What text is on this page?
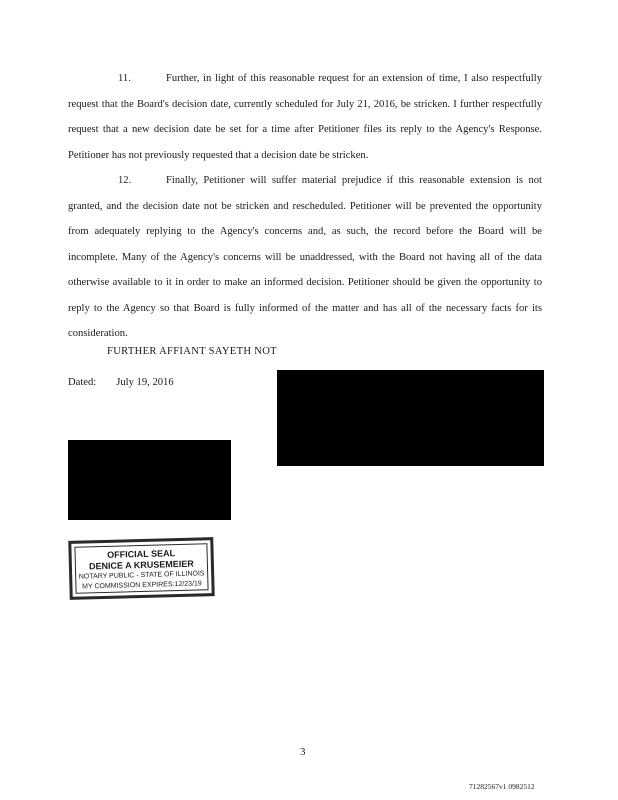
11.	Further, in light of this reasonable request for an extension of time, I also respectfully request that the Board's decision date, currently scheduled for July 21, 2016, be stricken. I further respectfully request that a new decision date be set for a time after Petitioner files its reply to the Agency's Response. Petitioner has not previously requested that a decision date be stricken.
12.	Finally, Petitioner will suffer material prejudice if this reasonable extension is not granted, and the decision date not be stricken and rescheduled. Petitioner will be prevented the opportunity from adequately replying to the Agency's concerns and, as such, the record before the Board will be incomplete. Many of the Agency's concerns will be unaddressed, with the Board not having all of the data otherwise available to it in order to make an informed decision. Petitioner should be given the opportunity to reply to the Agency so that Board is fully informed of the matter and has all of the necessary facts for its consideration.
FURTHER AFFIANT SAYETH NOT
Dated: July 19, 2016
OFFICIAL SEAL
DENICE A KRUSEMEIER
NOTARY PUBLIC - STATE OF ILLINOIS
MY COMMISSION EXPIRES:12/23/19
3
71282567v1 0982512
